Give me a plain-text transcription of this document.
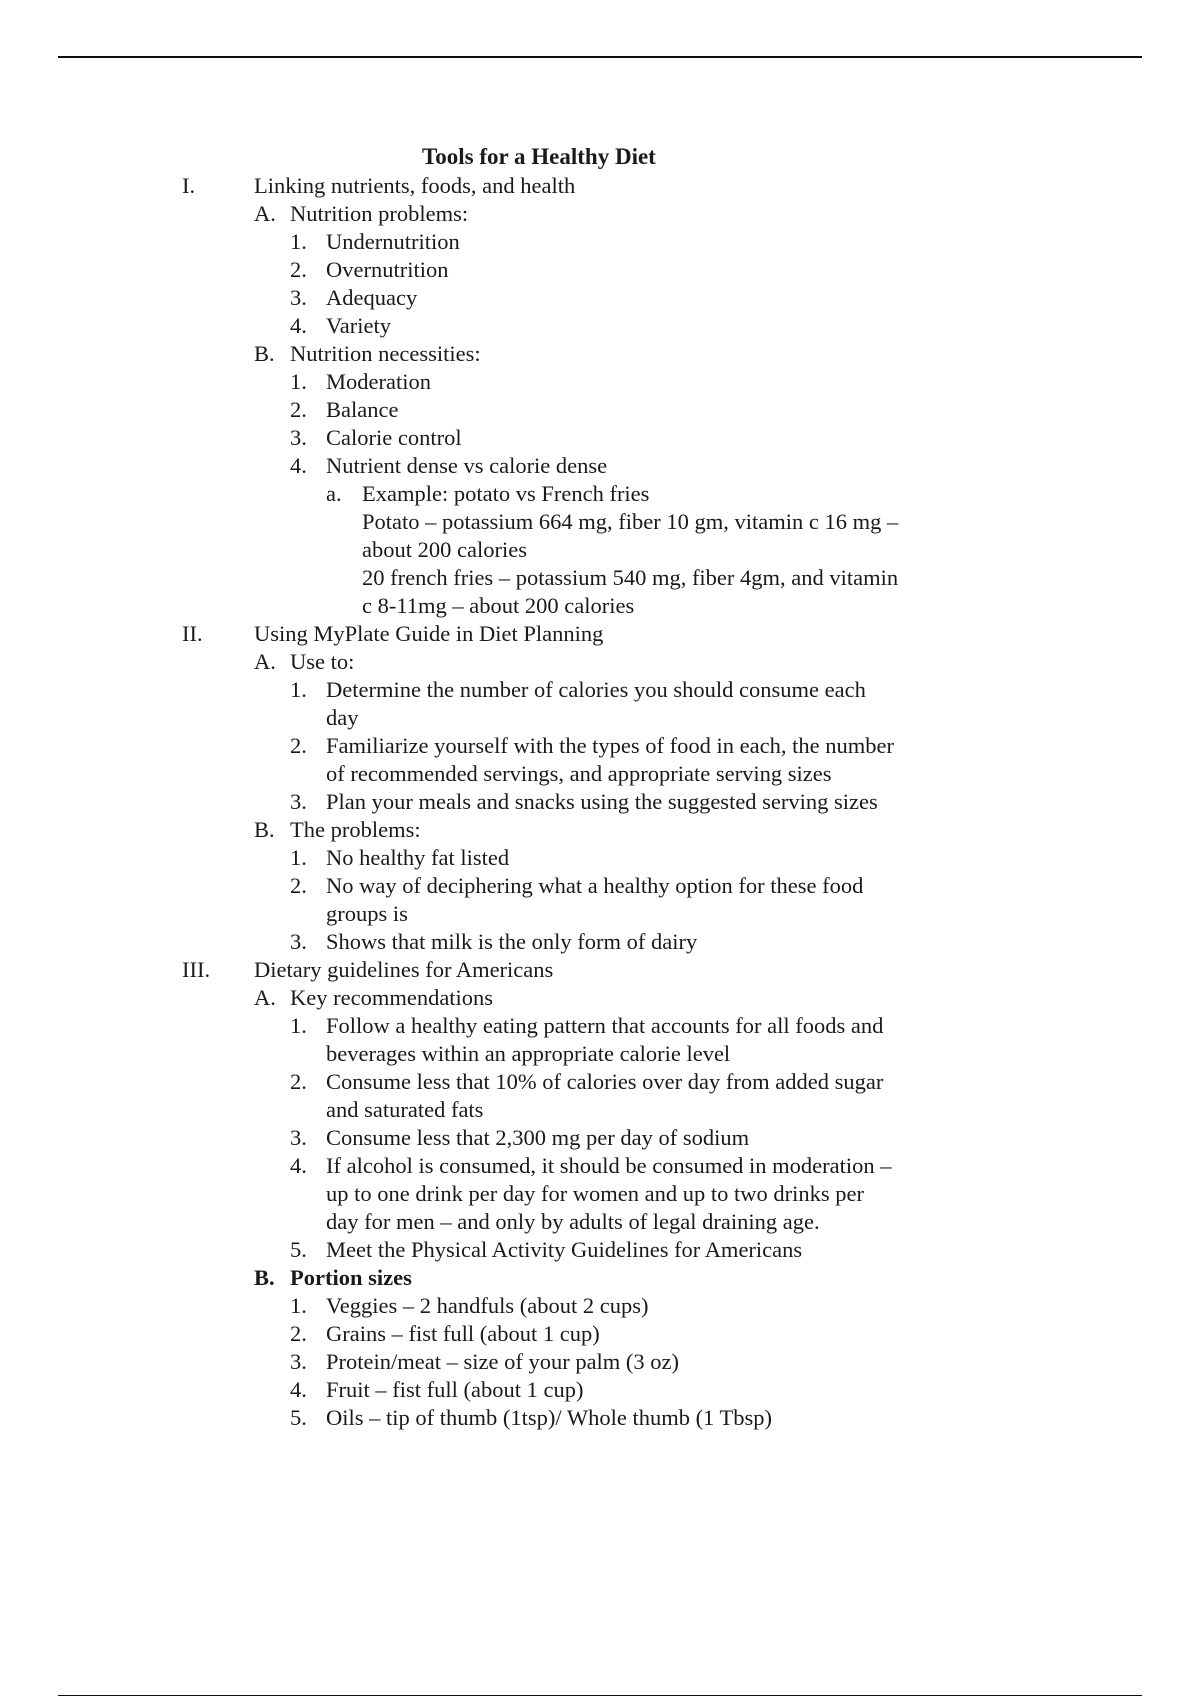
Tools for a Healthy Diet
I.	Linking nutrients, foods, and health
A. Nutrition problems:
1. Undernutrition
2. Overnutrition
3. Adequacy
4. Variety
B. Nutrition necessities:
1. Moderation
2. Balance
3. Calorie control
4. Nutrient dense vs calorie dense
a. Example: potato vs French fries
Potato – potassium 664 mg, fiber 10 gm, vitamin c 16 mg –
about 200 calories
20 french fries – potassium 540 mg, fiber 4gm, and vitamin
c 8-11mg – about 200 calories
II. Using MyPlate Guide in Diet Planning
A. Use to:
1. Determine the number of calories you should consume each
day
2. Familiarize yourself with the types of food in each, the number
of recommended servings, and appropriate serving sizes
3. Plan your meals and snacks using the suggested serving sizes
B. The problems:
1. No healthy fat listed
2. No way of deciphering what a healthy option for these food
groups is
3. Shows that milk is the only form of dairy
III. Dietary guidelines for Americans
A. Key recommendations
1. Follow a healthy eating pattern that accounts for all foods and
beverages within an appropriate calorie level
2. Consume less that 10% of calories over day from added sugar
and saturated fats
3. Consume less that 2,300 mg per day of sodium
4. If alcohol is consumed, it should be consumed in moderation –
up to one drink per day for women and up to two drinks per
day for men – and only by adults of legal draining age.
5. Meet the Physical Activity Guidelines for Americans
B. Portion sizes
1. Veggies – 2 handfuls (about 2 cups)
2. Grains – fist full (about 1 cup)
3. Protein/meat – size of your palm (3 oz)
4. Fruit – fist full (about 1 cup)
5. Oils – tip of thumb (1tsp)/ Whole thumb (1 Tbsp)
